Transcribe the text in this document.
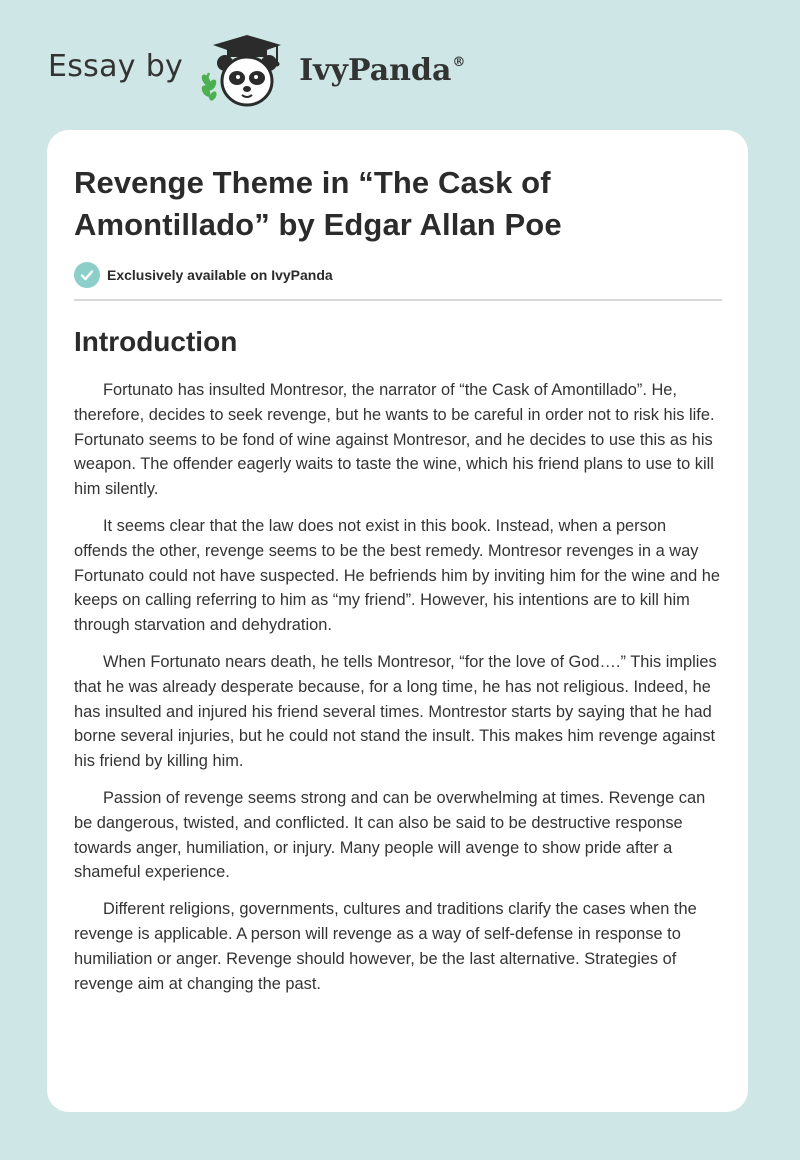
Essay by	IvyPanda®
Revenge Theme in “The Cask of
Amontillado” by Edgar Allan Poe
Exclusively available on IvyPanda
Introduction

Fortunato has insulted Montresor, the narrator of “the Cask of Amontillado”. He, therefore, decides to seek revenge, but he wants to be careful in order not to risk his life. Fortunato seems to be fond of wine against Montresor, and he decides to use this as his weapon. The offender eagerly waits to taste the wine, which his friend plans to use to kill him silently.

It seems clear that the law does not exist in this book. Instead, when a person offends the other, revenge seems to be the best remedy. Montresor revenges in a way Fortunato could not have suspected. He befriends him by inviting him for the wine and he keeps on calling referring to him as “my friend”. However, his intentions are to kill him through starvation and dehydration.

When Fortunato nears death, he tells Montresor, “for the love of God….” This implies that he was already desperate because, for a long time, he has not religious. Indeed, he has insulted and injured his friend several times. Montrestor starts by saying that he had borne several injuries, but he could not stand the insult. This makes him revenge against his friend by killing him.

Passion of revenge seems strong and can be overwhelming at times. Revenge can be dangerous, twisted, and conflicted. It can also be said to be destructive response towards anger, humiliation, or injury. Many people will avenge to show pride after a shameful experience.

Different religions, governments, cultures and traditions clarify the cases when the revenge is applicable. A person will revenge as a way of self-defense in response to humiliation or anger. Revenge should however, be the last alternative. Strategies of revenge aim at changing the past.
